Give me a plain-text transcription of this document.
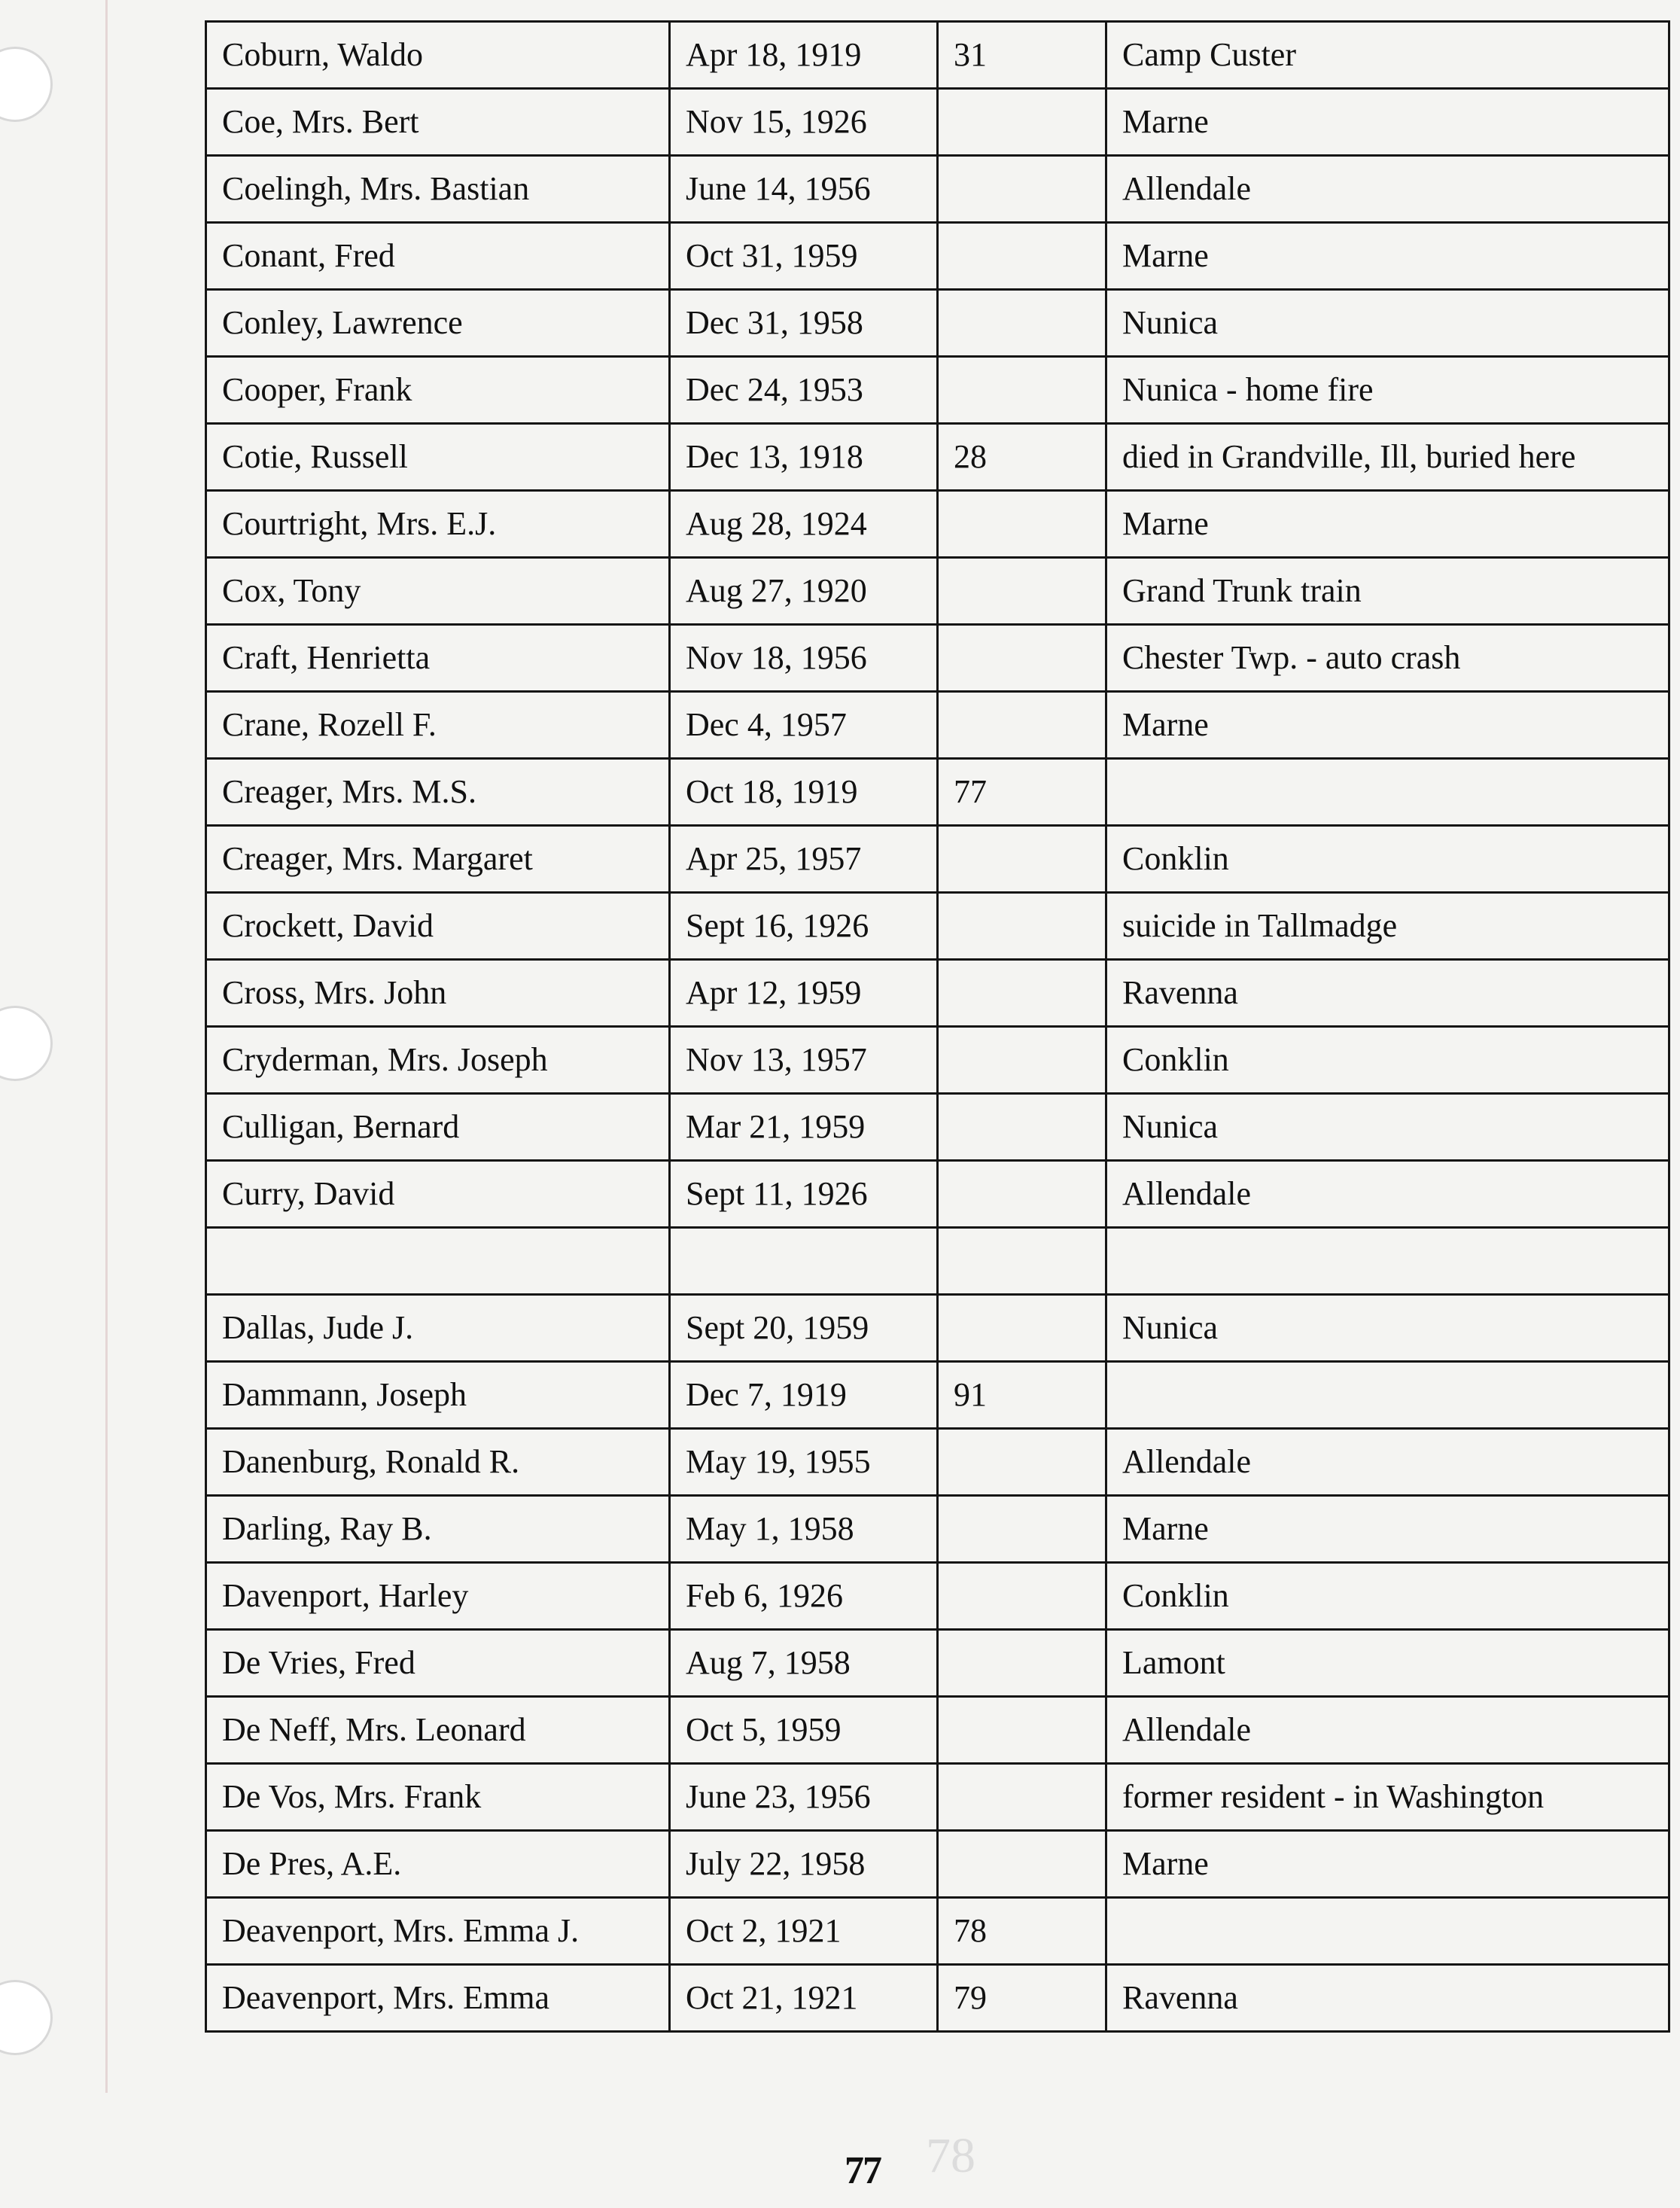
Coburn, Waldo	Apr 18, 1919	31	Camp Custer
Coe, Mrs. Bert	Nov 15, 1926		Marne
Coelingh, Mrs. Bastian	June 14, 1956		Allendale
Conant, Fred	Oct 31, 1959		Marne
Conley, Lawrence	Dec 31, 1958		Nunica
Cooper, Frank	Dec 24, 1953		Nunica - home fire
Cotie, Russell	Dec 13, 1918	28	died in Grandville, Ill, buried here
Courtright, Mrs. E.J.	Aug 28, 1924		Marne
Cox, Tony	Aug 27, 1920		Grand Trunk train
Craft, Henrietta	Nov 18, 1956		Chester Twp. - auto crash
Crane, Rozell F.	Dec 4, 1957		Marne
Creager, Mrs. M.S.	Oct 18, 1919	77	
Creager, Mrs. Margaret	Apr 25, 1957		Conklin
Crockett, David	Sept 16, 1926		suicide in Tallmadge
Cross, Mrs. John	Apr 12, 1959		Ravenna
Cryderman, Mrs. Joseph	Nov 13, 1957		Conklin
Culligan, Bernard	Mar 21, 1959		Nunica
Curry, David	Sept 11, 1926		Allendale

Dallas, Jude J.	Sept 20, 1959		Nunica
Dammann, Joseph	Dec 7, 1919	91	
Danenburg, Ronald R.	May 19, 1955		Allendale
Darling, Ray B.	May 1, 1958		Marne
Davenport, Harley	Feb 6, 1926		Conklin
De Vries, Fred	Aug 7, 1958		Lamont
De Neff, Mrs. Leonard	Oct 5, 1959		Allendale
De Vos, Mrs. Frank	June 23, 1956		former resident - in Washington
De Pres, A.E.	July 22, 1958		Marne
Deavenport, Mrs. Emma J.	Oct 2, 1921	78	
Deavenport, Mrs. Emma	Oct 21, 1921	79	Ravenna
78
77
